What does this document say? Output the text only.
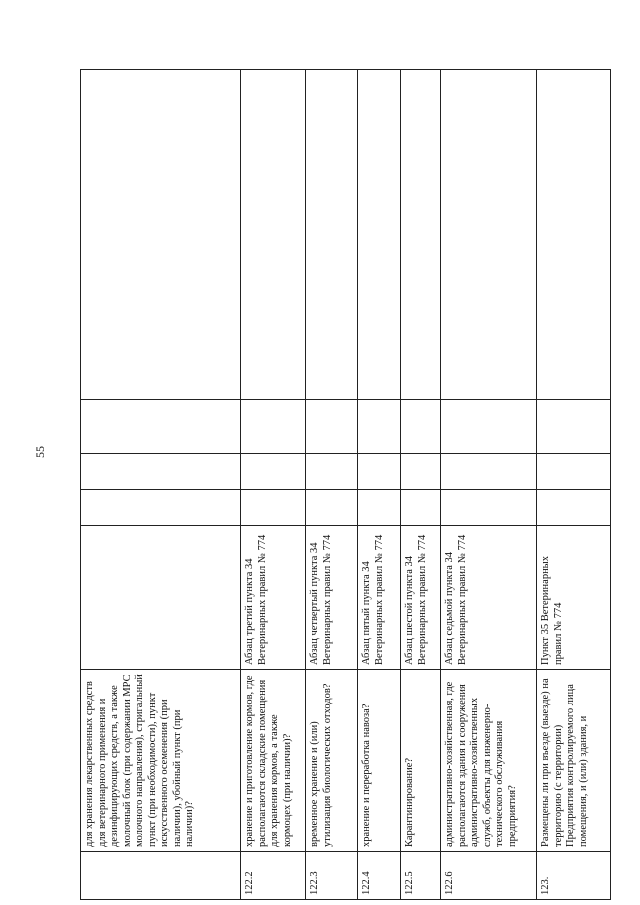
55

	для хранения лекарственных средств для ветеринарного применения и дезинфицирующих средств, а также молочный блок (при содержании МРС молочного направления), стригальный пункт (при необходимости), пункт искусственного осеменения (при наличии), убойный пункт (при наличии)?					

122.2	хранение и приготовление кормов, где располагаются складские помещения для хранения кормов, а также кормоцех (при наличии)?	Абзац третий пункта 34 Ветеринарных правил № 774				

122.3	временное хранение и (или) утилизация биологических отходов?	Абзац четвертый пункта 34 Ветеринарных правил № 774				

122.4	хранение и переработка навоза?	Абзац пятый пункта 34 Ветеринарных правил № 774				

122.5	Карантинирование?	Абзац шестой пункта 34 Ветеринарных правил № 774				

122.6	административно-хозяйственная, где располагаются здания и сооружения административно-хозяйственных служб, объекты для инженерно-технического обслуживания предприятия?	Абзац седьмой пункта 34 Ветеринарных правил № 774				

123.	Размещены ли при въезде (выезде) на территорию (с территории) Предприятия контролируемого лица помещения, и (или) здания, и	Пункт 35 Ветеринарных правил № 774				
